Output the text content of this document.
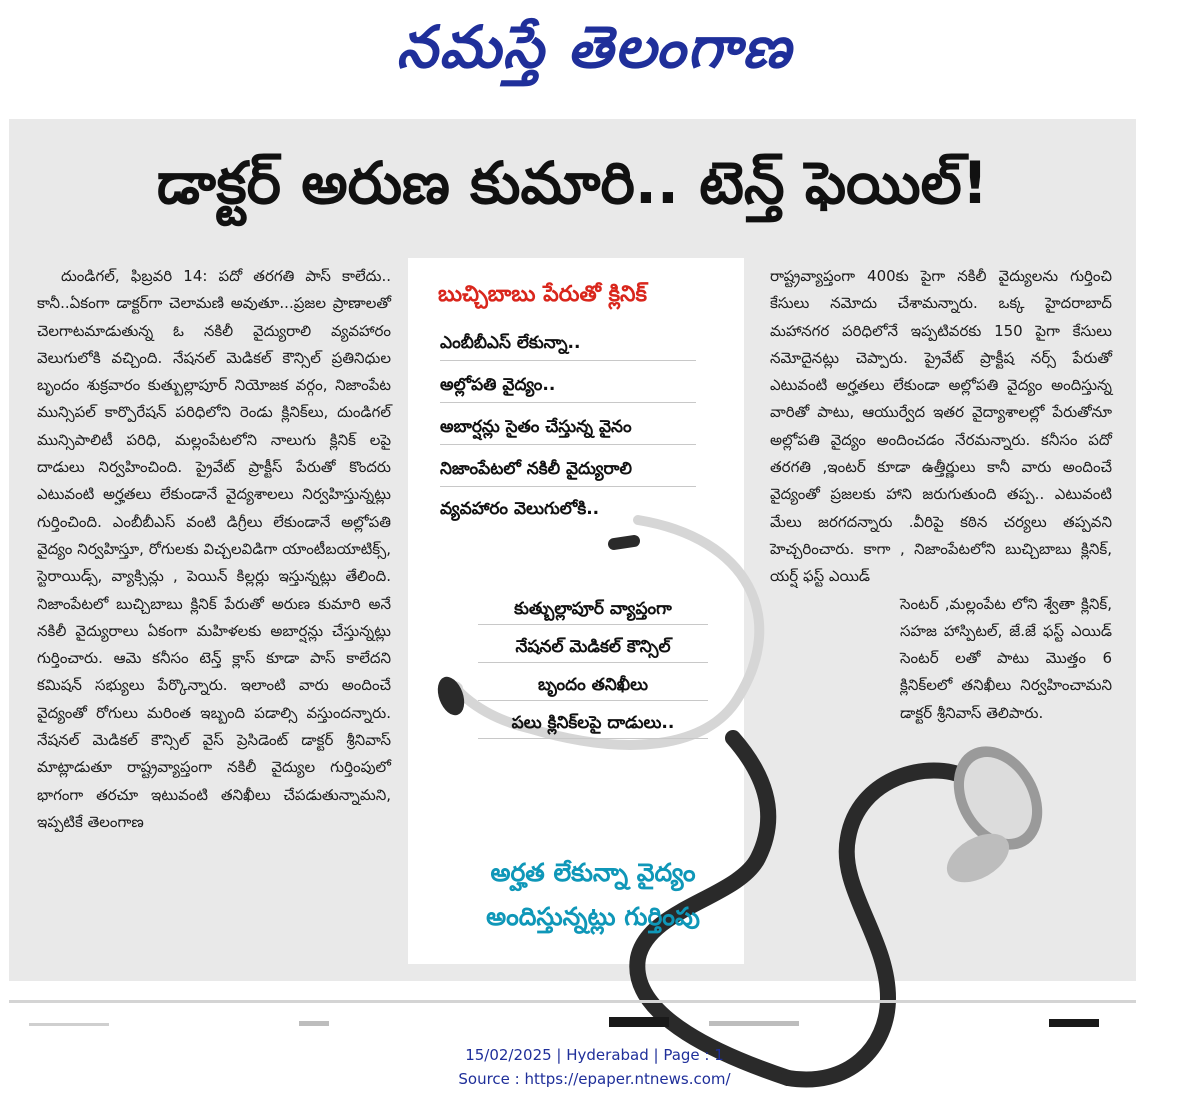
నమస్తే తెలంగాణ
డాక్టర్ అరుణ కుమారి.. టెన్త్ ఫెయిల్!

దుండిగల్, ఫిబ్రవరి 14: పదో తరగతి పాస్ కాలేదు.. కానీ..ఏకంగా డాక్టర్‌గా చెలామణి అవుతూ...ప్రజల ప్రాణాలతో చెలగాటమాడుతున్న ఓ నకిలీ వైద్యురాలి వ్యవహారం వెలుగులోకి వచ్చింది. నేషనల్ మెడికల్ కౌన్సిల్ ప్రతినిధుల బృందం శుక్రవారం కుత్బుల్లాపూర్ నియోజక వర్గం, నిజాంపేట మున్సిపల్ కార్పొరేషన్ పరిధిలోని రెండు క్లినిక్‌లు, దుండిగల్ మున్సిపాలిటీ పరిధి, మల్లంపేటలోని నాలుగు క్లినిక్ లపై దాడులు నిర్వహించింది. ప్రైవేట్ ప్రాక్టీస్ పేరుతో కొందరు ఎటువంటి అర్హతలు లేకుండానే వైద్యశాలలు నిర్వహిస్తున్నట్లు గుర్తించింది. ఎంబీబీఎస్ వంటి డిగ్రీలు లేకుండానే అల్లోపతి వైద్యం నిర్వహిస్తూ, రోగులకు విచ్చలవిడిగా యాంటీబయాటిక్స్, స్టెరాయిడ్స్, వ్యాక్సిన్లు , పెయిన్ కిల్లర్లు ఇస్తున్నట్లు తేలింది. నిజాంపేటలో బుచ్చిబాబు క్లినిక్ పేరుతో అరుణ కుమారి అనే నకిలీ వైద్యురాలు ఏకంగా మహిళలకు అబార్షన్లు చేస్తున్నట్లు గుర్తించారు. ఆమె కనీసం టెన్త్ క్లాస్ కూడా పాస్ కాలేదని కమిషన్ సభ్యులు పేర్కొన్నారు. ఇలాంటి వారు అందించే వైద్యంతో రోగులు మరింత ఇబ్బంది పడాల్సి వస్తుందన్నారు. నేషనల్ మెడికల్ కౌన్సిల్ వైస్ ప్రెసిడెంట్ డాక్టర్ శ్రీనివాస్ మాట్లాడుతూ రాష్ట్రవ్యాప్తంగా నకిలీ వైద్యుల గుర్తింపులో భాగంగా తరచూ ఇటువంటి తనిఖీలు చేపడుతున్నామని, ఇప్పటికే తెలంగాణ

రాష్ట్రవ్యాప్తంగా 400కు పైగా నకిలీ వైద్యులను గుర్తించి కేసులు నమోదు చేశామన్నారు. ఒక్క హైదరాబాద్ మహానగర పరిధిలోనే ఇప్పటివరకు 150 పైగా కేసులు నమోదైనట్లు చెప్పారు. ప్రైవేట్ ప్రాక్టీష నర్స్ పేరుతో ఎటువంటి అర్హతలు లేకుండా అల్లోపతి వైద్యం అందిస్తున్న వారితో పాటు, ఆయుర్వేద ఇతర వైద్యాశాలల్లో పేరుతోనూ అల్లోపతి వైద్యం అందించడం నేరమన్నారు. కనీసం పదో తరగతి ,ఇంటర్ కూడా ఉత్తీర్ణులు కానీ వారు అందించే వైద్యంతో ప్రజలకు హాని జరుగుతుంది తప్ప.. ఎటువంటి మేలు జరగదన్నారు .వీరిపై కఠిన చర్యలు తప్పవని హెచ్చరించారు. కాగా , నిజాంపేటలోని బుచ్చిబాబు క్లినిక్, యర్ష్ ఫస్ట్ ఎయిడ్

సెంటర్ ,మల్లంపేట లోని శ్వేతా క్లినిక్, సహజ హాస్పిటల్, జే.జే ఫస్ట్ ఎయిడ్ సెంటర్ లతో పాటు మొత్తం 6 క్లినిక్‌లలో తనిఖీలు నిర్వహించామని డాక్టర్ శ్రీనివాస్ తెలిపారు.

బుచ్చిబాబు పేరుతో క్లినిక్
ఎంబీబీఎస్ లేకున్నా..
అల్లోపతి వైద్యం..
అబార్షన్లు సైతం చేస్తున్న వైనం
నిజాంపేటలో నకిలీ వైద్యురాలి
వ్యవహారం వెలుగులోకి..
కుత్బుల్లాపూర్ వ్యాప్తంగా
నేషనల్ మెడికల్ కౌన్సిల్
బృందం తనిఖీలు
పలు క్లినిక్‌లపై దాడులు..
అర్హత లేకున్నా వైద్యం
అందిస్తున్నట్లు గుర్తింపు
15/02/2025 | Hyderabad | Page : 1
Source : https://epaper.ntnews.com/
